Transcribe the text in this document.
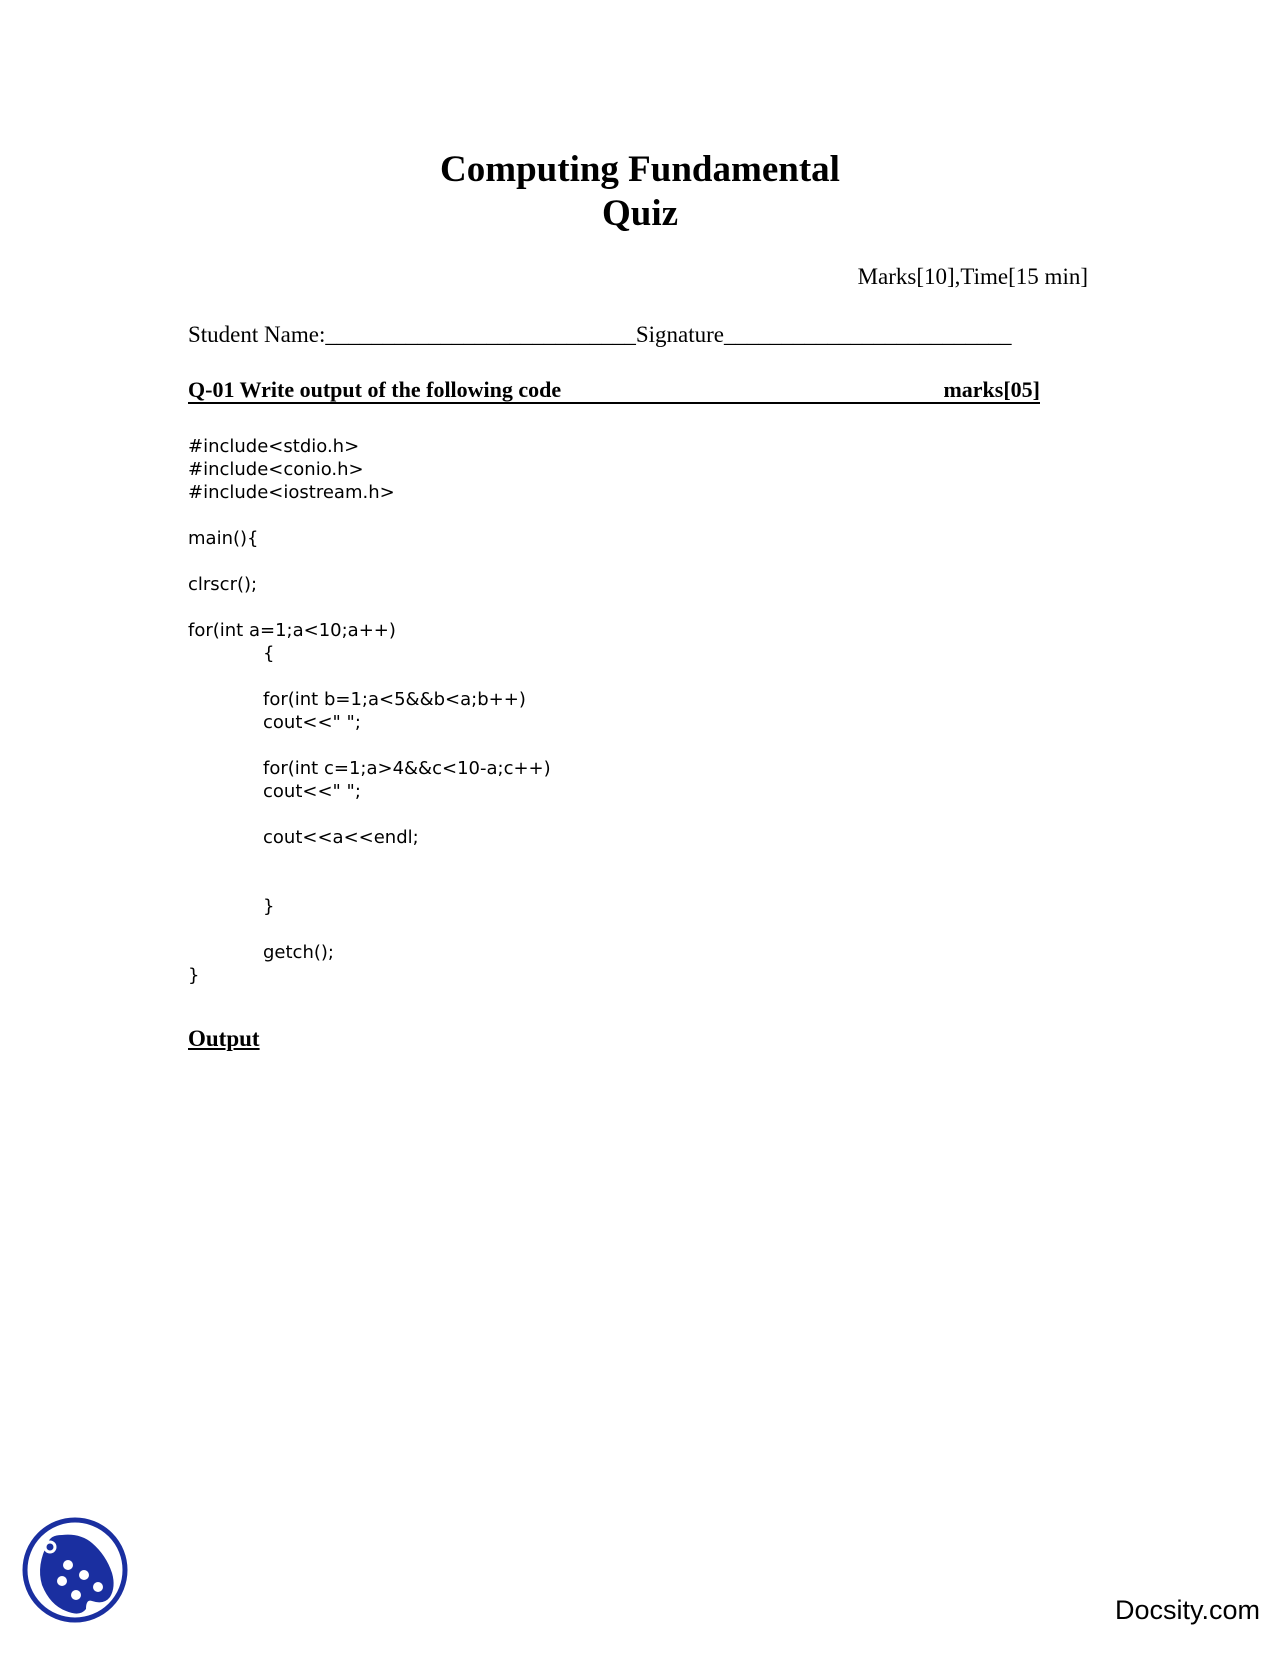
Computing Fundamental
Quiz
Marks[10],Time[15 min]
Student Name:___________________________Signature_________________________
Q-01 Write output of the following code	marks[05]
#include<stdio.h>
#include<conio.h>
#include<iostream.h>
main(){
clrscr();
for(int a=1;a<10;a++)
{
for(int b=1;a<5&&b<a;b++)
cout<<" ";
for(int c=1;a>4&&c<10-a;c++)
cout<<" ";
cout<<a<<endl;
}
getch();
}
Output
Docsity.com
